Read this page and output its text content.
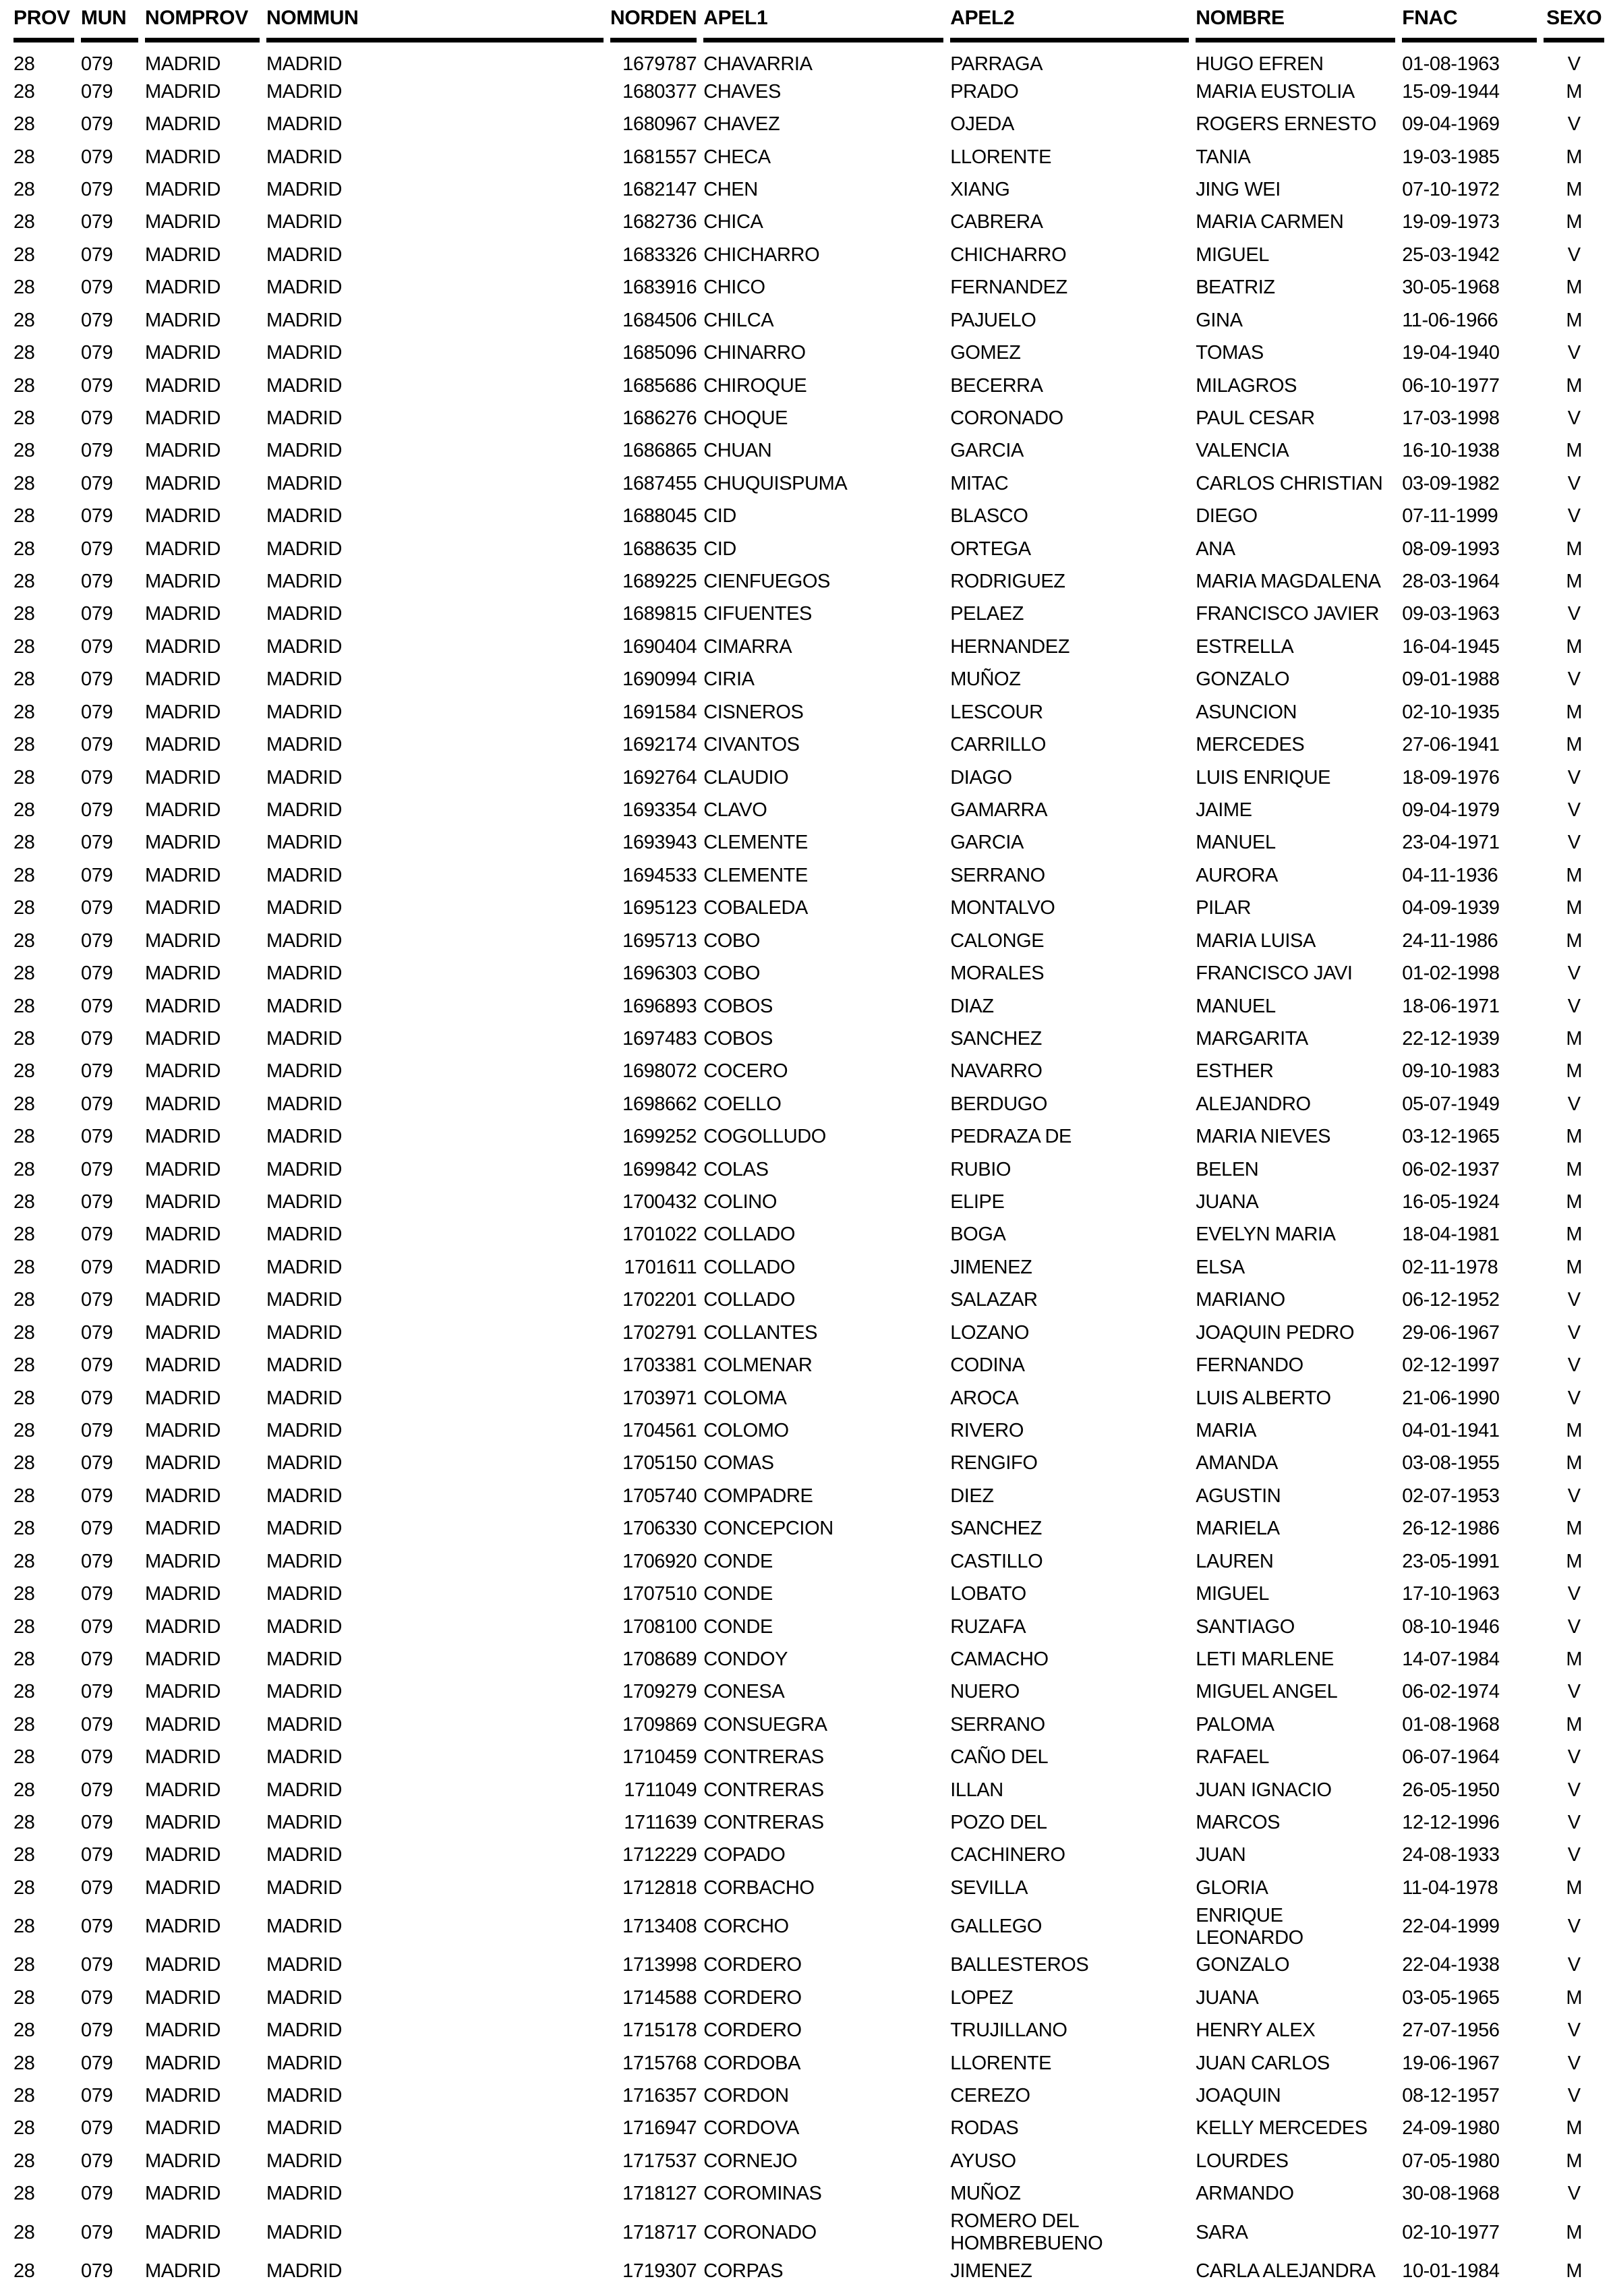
PROV	MUN	NOMPROV	NOMMUN	NORDEN	APEL1	APEL2	NOMBRE	FNAC	SEXO
28	079	MADRID	MADRID	1679787	CHAVARRIA	PARRAGA	HUGO EFREN	01-08-1963	V
28	079	MADRID	MADRID	1680377	CHAVES	PRADO	MARIA EUSTOLIA	15-09-1944	M
28	079	MADRID	MADRID	1680967	CHAVEZ	OJEDA	ROGERS ERNESTO	09-04-1969	V
28	079	MADRID	MADRID	1681557	CHECA	LLORENTE	TANIA	19-03-1985	M
28	079	MADRID	MADRID	1682147	CHEN	XIANG	JING WEI	07-10-1972	M
28	079	MADRID	MADRID	1682736	CHICA	CABRERA	MARIA CARMEN	19-09-1973	M
28	079	MADRID	MADRID	1683326	CHICHARRO	CHICHARRO	MIGUEL	25-03-1942	V
28	079	MADRID	MADRID	1683916	CHICO	FERNANDEZ	BEATRIZ	30-05-1968	M
28	079	MADRID	MADRID	1684506	CHILCA	PAJUELO	GINA	11-06-1966	M
28	079	MADRID	MADRID	1685096	CHINARRO	GOMEZ	TOMAS	19-04-1940	V
28	079	MADRID	MADRID	1685686	CHIROQUE	BECERRA	MILAGROS	06-10-1977	M
28	079	MADRID	MADRID	1686276	CHOQUE	CORONADO	PAUL CESAR	17-03-1998	V
28	079	MADRID	MADRID	1686865	CHUAN	GARCIA	VALENCIA	16-10-1938	M
28	079	MADRID	MADRID	1687455	CHUQUISPUMA	MITAC	CARLOS CHRISTIAN	03-09-1982	V
28	079	MADRID	MADRID	1688045	CID	BLASCO	DIEGO	07-11-1999	V
28	079	MADRID	MADRID	1688635	CID	ORTEGA	ANA	08-09-1993	M
28	079	MADRID	MADRID	1689225	CIENFUEGOS	RODRIGUEZ	MARIA MAGDALENA	28-03-1964	M
28	079	MADRID	MADRID	1689815	CIFUENTES	PELAEZ	FRANCISCO JAVIER	09-03-1963	V
28	079	MADRID	MADRID	1690404	CIMARRA	HERNANDEZ	ESTRELLA	16-04-1945	M
28	079	MADRID	MADRID	1690994	CIRIA	MUÑOZ	GONZALO	09-01-1988	V
28	079	MADRID	MADRID	1691584	CISNEROS	LESCOUR	ASUNCION	02-10-1935	M
28	079	MADRID	MADRID	1692174	CIVANTOS	CARRILLO	MERCEDES	27-06-1941	M
28	079	MADRID	MADRID	1692764	CLAUDIO	DIAGO	LUIS ENRIQUE	18-09-1976	V
28	079	MADRID	MADRID	1693354	CLAVO	GAMARRA	JAIME	09-04-1979	V
28	079	MADRID	MADRID	1693943	CLEMENTE	GARCIA	MANUEL	23-04-1971	V
28	079	MADRID	MADRID	1694533	CLEMENTE	SERRANO	AURORA	04-11-1936	M
28	079	MADRID	MADRID	1695123	COBALEDA	MONTALVO	PILAR	04-09-1939	M
28	079	MADRID	MADRID	1695713	COBO	CALONGE	MARIA LUISA	24-11-1986	M
28	079	MADRID	MADRID	1696303	COBO	MORALES	FRANCISCO JAVI	01-02-1998	V
28	079	MADRID	MADRID	1696893	COBOS	DIAZ	MANUEL	18-06-1971	V
28	079	MADRID	MADRID	1697483	COBOS	SANCHEZ	MARGARITA	22-12-1939	M
28	079	MADRID	MADRID	1698072	COCERO	NAVARRO	ESTHER	09-10-1983	M
28	079	MADRID	MADRID	1698662	COELLO	BERDUGO	ALEJANDRO	05-07-1949	V
28	079	MADRID	MADRID	1699252	COGOLLUDO	PEDRAZA DE	MARIA NIEVES	03-12-1965	M
28	079	MADRID	MADRID	1699842	COLAS	RUBIO	BELEN	06-02-1937	M
28	079	MADRID	MADRID	1700432	COLINO	ELIPE	JUANA	16-05-1924	M
28	079	MADRID	MADRID	1701022	COLLADO	BOGA	EVELYN MARIA	18-04-1981	M
28	079	MADRID	MADRID	1701611	COLLADO	JIMENEZ	ELSA	02-11-1978	M
28	079	MADRID	MADRID	1702201	COLLADO	SALAZAR	MARIANO	06-12-1952	V
28	079	MADRID	MADRID	1702791	COLLANTES	LOZANO	JOAQUIN PEDRO	29-06-1967	V
28	079	MADRID	MADRID	1703381	COLMENAR	CODINA	FERNANDO	02-12-1997	V
28	079	MADRID	MADRID	1703971	COLOMA	AROCA	LUIS ALBERTO	21-06-1990	V
28	079	MADRID	MADRID	1704561	COLOMO	RIVERO	MARIA	04-01-1941	M
28	079	MADRID	MADRID	1705150	COMAS	RENGIFO	AMANDA	03-08-1955	M
28	079	MADRID	MADRID	1705740	COMPADRE	DIEZ	AGUSTIN	02-07-1953	V
28	079	MADRID	MADRID	1706330	CONCEPCION	SANCHEZ	MARIELA	26-12-1986	M
28	079	MADRID	MADRID	1706920	CONDE	CASTILLO	LAUREN	23-05-1991	M
28	079	MADRID	MADRID	1707510	CONDE	LOBATO	MIGUEL	17-10-1963	V
28	079	MADRID	MADRID	1708100	CONDE	RUZAFA	SANTIAGO	08-10-1946	V
28	079	MADRID	MADRID	1708689	CONDOY	CAMACHO	LETI MARLENE	14-07-1984	M
28	079	MADRID	MADRID	1709279	CONESA	NUERO	MIGUEL ANGEL	06-02-1974	V
28	079	MADRID	MADRID	1709869	CONSUEGRA	SERRANO	PALOMA	01-08-1968	M
28	079	MADRID	MADRID	1710459	CONTRERAS	CAÑO DEL	RAFAEL	06-07-1964	V
28	079	MADRID	MADRID	1711049	CONTRERAS	ILLAN	JUAN IGNACIO	26-05-1950	V
28	079	MADRID	MADRID	1711639	CONTRERAS	POZO DEL	MARCOS	12-12-1996	V
28	079	MADRID	MADRID	1712229	COPADO	CACHINERO	JUAN	24-08-1933	V
28	079	MADRID	MADRID	1712818	CORBACHO	SEVILLA	GLORIA	11-04-1978	M
28	079	MADRID	MADRID	1713408	CORCHO	GALLEGO	ENRIQUE LEONARDO	22-04-1999	V
28	079	MADRID	MADRID	1713998	CORDERO	BALLESTEROS	GONZALO	22-04-1938	V
28	079	MADRID	MADRID	1714588	CORDERO	LOPEZ	JUANA	03-05-1965	M
28	079	MADRID	MADRID	1715178	CORDERO	TRUJILLANO	HENRY ALEX	27-07-1956	V
28	079	MADRID	MADRID	1715768	CORDOBA	LLORENTE	JUAN CARLOS	19-06-1967	V
28	079	MADRID	MADRID	1716357	CORDON	CEREZO	JOAQUIN	08-12-1957	V
28	079	MADRID	MADRID	1716947	CORDOVA	RODAS	KELLY MERCEDES	24-09-1980	M
28	079	MADRID	MADRID	1717537	CORNEJO	AYUSO	LOURDES	07-05-1980	M
28	079	MADRID	MADRID	1718127	COROMINAS	MUÑOZ	ARMANDO	30-08-1968	V
28	079	MADRID	MADRID	1718717	CORONADO	ROMERO DEL HOMBREBUENO	SARA	02-10-1977	M
28	079	MADRID	MADRID	1719307	CORPAS	JIMENEZ	CARLA ALEJANDRA	10-01-1984	M
